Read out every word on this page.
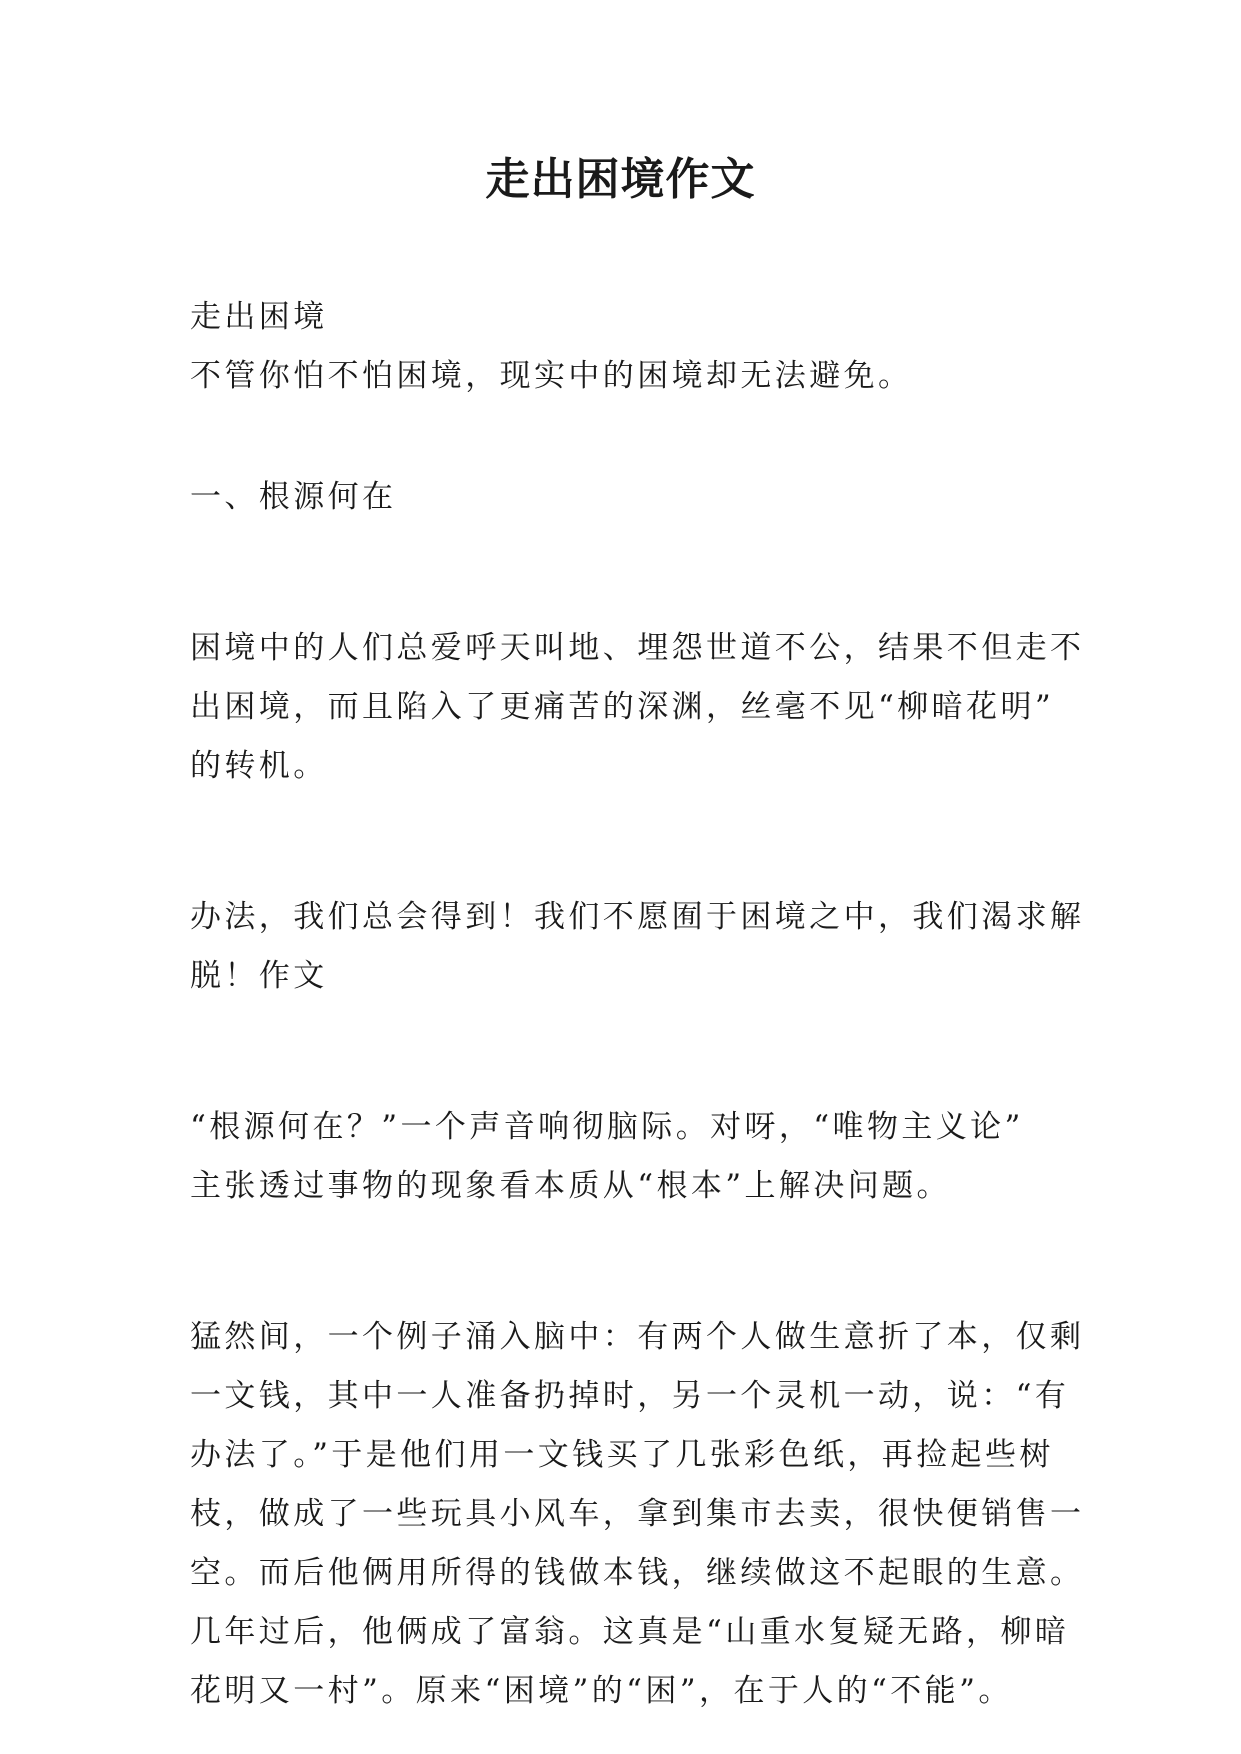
走出困境作文
走出困境
不管你怕不怕困境，现实中的困境却无法避免。
一、根源何在
困境中的人们总爱呼天叫地、埋怨世道不公，结果不但走不
出困境，而且陷入了更痛苦的深渊，丝毫不见“柳暗花明”
的转机。
办法，我们总会得到！我们不愿囿于困境之中，我们渴求解
脱！作文
“根源何在？”一个声音响彻脑际。对呀，“唯物主义论”
主张透过事物的现象看本质从“根本”上解决问题。
猛然间，一个例子涌入脑中：有两个人做生意折了本，仅剩
一文钱，其中一人准备扔掉时，另一个灵机一动，说：“有
办法了。”于是他们用一文钱买了几张彩色纸，再捡起些树
枝，做成了一些玩具小风车，拿到集市去卖，很快便销售一
空。而后他俩用所得的钱做本钱，继续做这不起眼的生意。
几年过后，他俩成了富翁。这真是“山重水复疑无路，柳暗
花明又一村”。原来“困境”的“困”，在于人的“不能”。
